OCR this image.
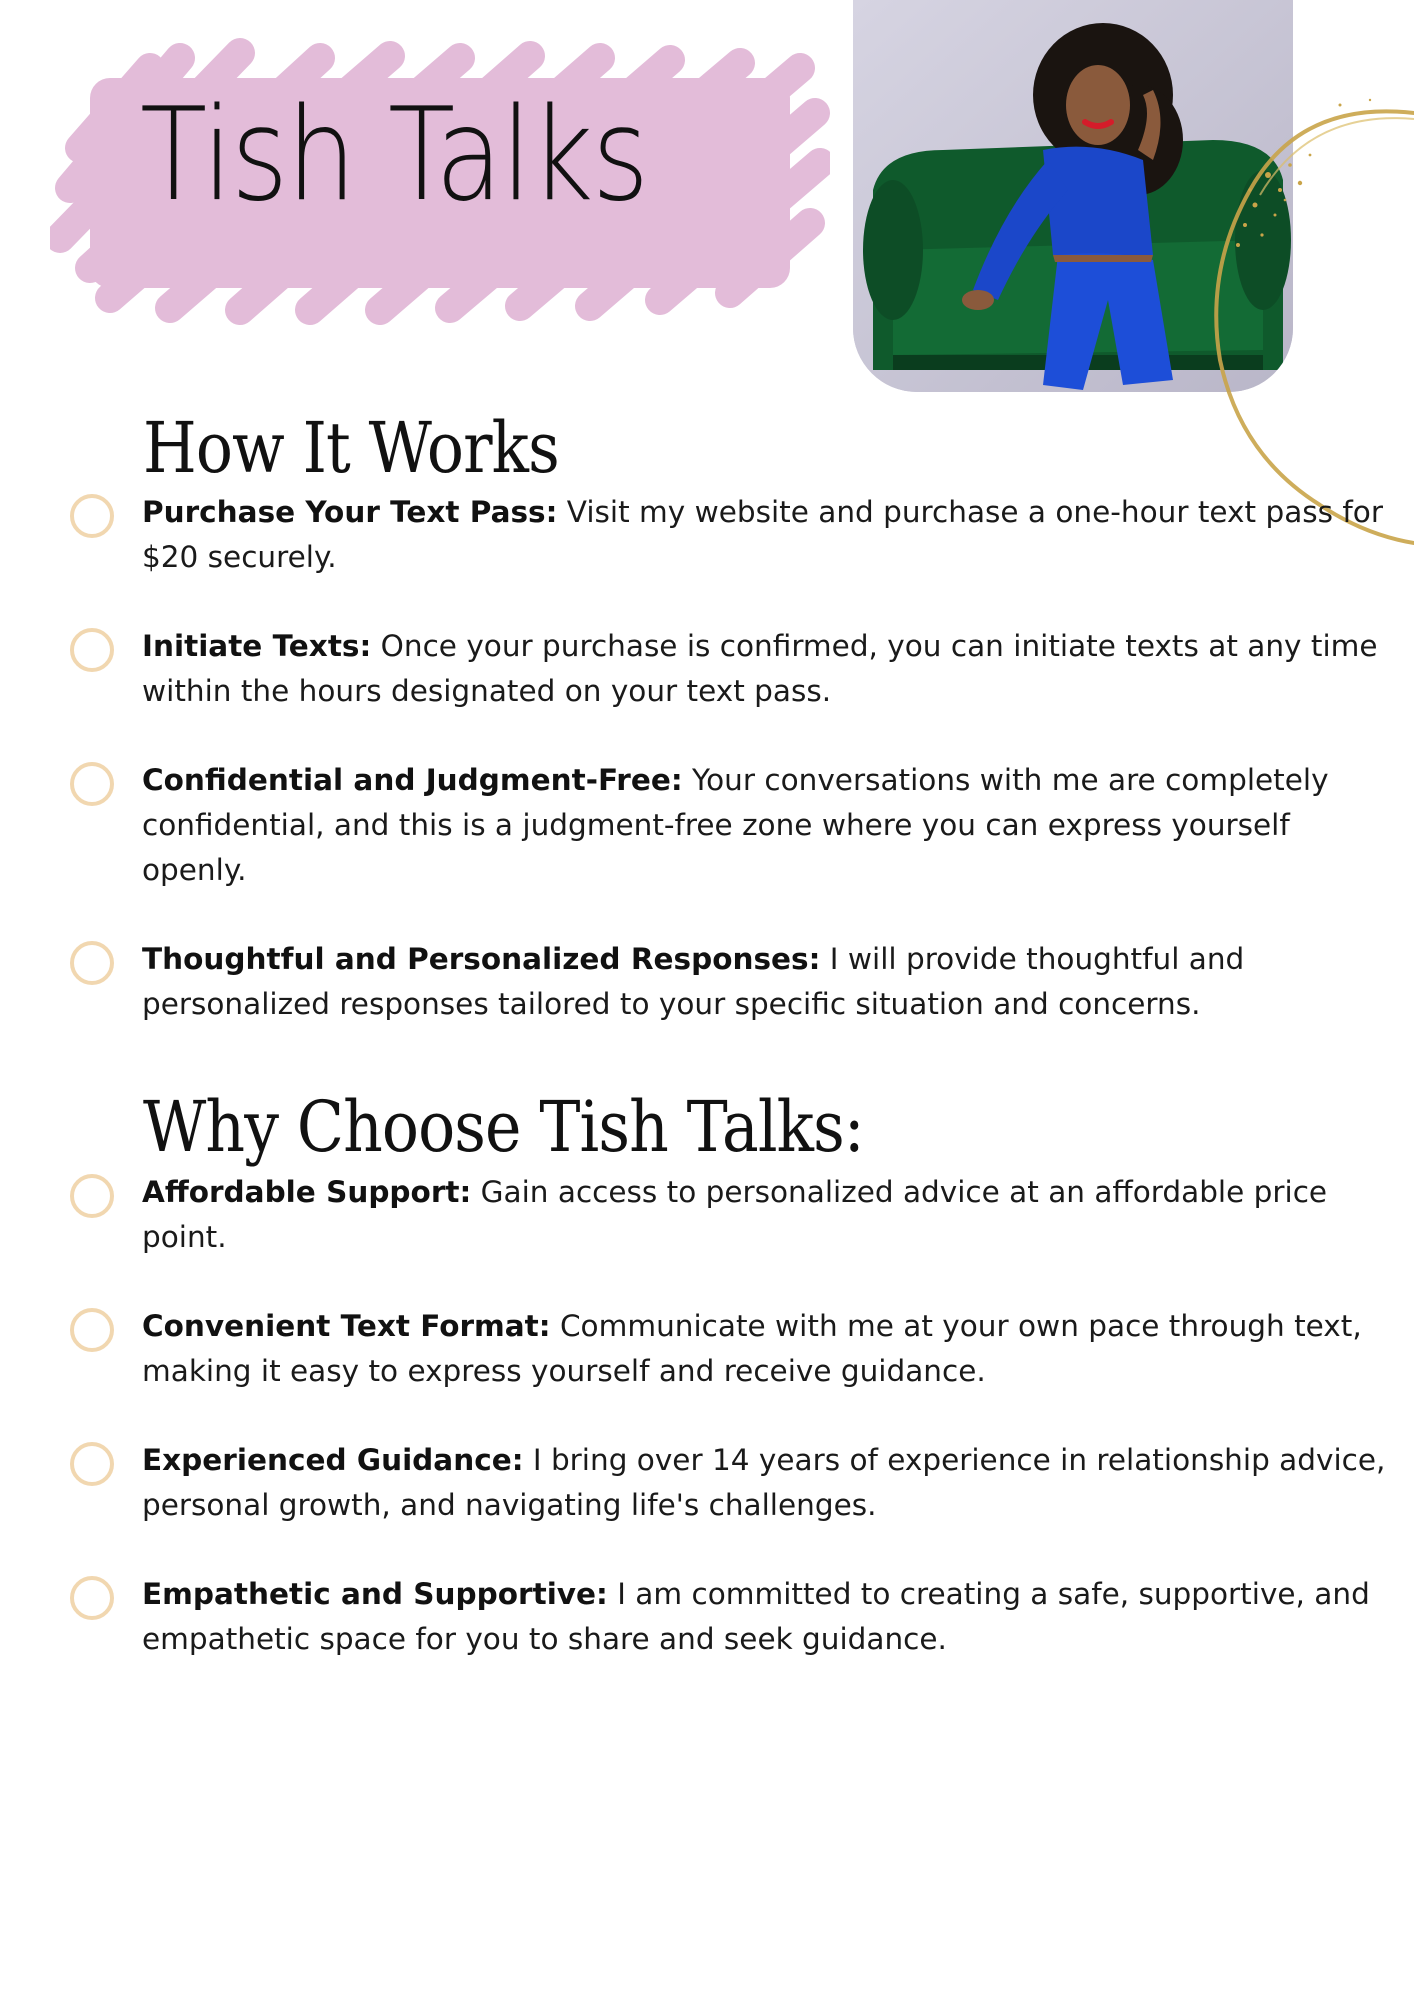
Tish Talks
How It Works

Purchase Your Text Pass: Visit my website and purchase a one-hour text pass for $20 securely.

Initiate Texts: Once your purchase is confirmed, you can initiate texts at any time within the hours designated on your text pass.

Confidential and Judgment-Free: Your conversations with me are completely confidential, and this is a judgment-free zone where you can express yourself openly.

Thoughtful and Personalized Responses: I will provide thoughtful and personalized responses tailored to your specific situation and concerns.

Why Choose Tish Talks:

Affordable Support: Gain access to personalized advice at an affordable price point.

Convenient Text Format: Communicate with me at your own pace through text, making it easy to express yourself and receive guidance.

Experienced Guidance: I bring over 14 years of experience in relationship advice, personal growth, and navigating life's challenges.

Empathetic and Supportive: I am committed to creating a safe, supportive, and empathetic space for you to share and seek guidance.
